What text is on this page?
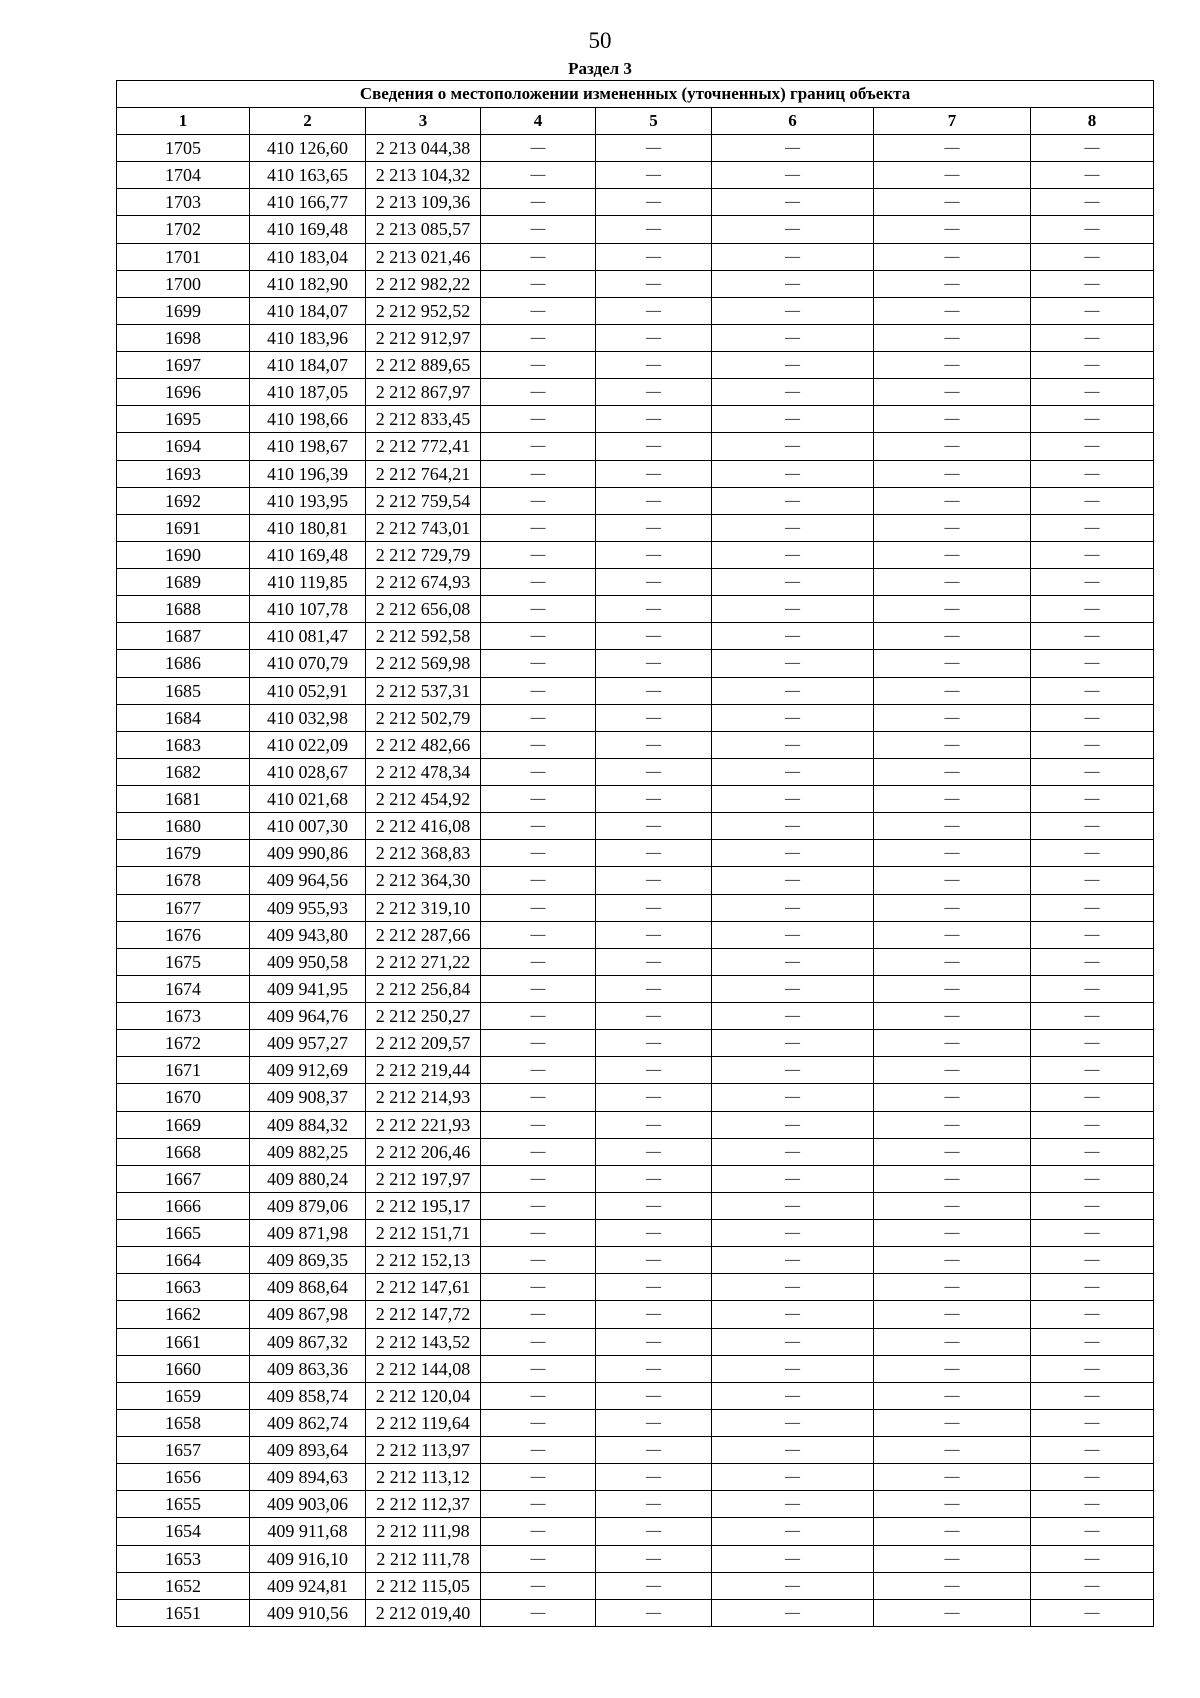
50
Раздел 3
Сведения о местоположении измененных (уточненных) границ объекта							
1	2	3	4	5	6	7	8
1705	410 126,60	2 213 044,38	—	—	—	—	—
1704	410 163,65	2 213 104,32	—	—	—	—	—
1703	410 166,77	2 213 109,36	—	—	—	—	—
1702	410 169,48	2 213 085,57	—	—	—	—	—
1701	410 183,04	2 213 021,46	—	—	—	—	—
1700	410 182,90	2 212 982,22	—	—	—	—	—
1699	410 184,07	2 212 952,52	—	—	—	—	—
1698	410 183,96	2 212 912,97	—	—	—	—	—
1697	410 184,07	2 212 889,65	—	—	—	—	—
1696	410 187,05	2 212 867,97	—	—	—	—	—
1695	410 198,66	2 212 833,45	—	—	—	—	—
1694	410 198,67	2 212 772,41	—	—	—	—	—
1693	410 196,39	2 212 764,21	—	—	—	—	—
1692	410 193,95	2 212 759,54	—	—	—	—	—
1691	410 180,81	2 212 743,01	—	—	—	—	—
1690	410 169,48	2 212 729,79	—	—	—	—	—
1689	410 119,85	2 212 674,93	—	—	—	—	—
1688	410 107,78	2 212 656,08	—	—	—	—	—
1687	410 081,47	2 212 592,58	—	—	—	—	—
1686	410 070,79	2 212 569,98	—	—	—	—	—
1685	410 052,91	2 212 537,31	—	—	—	—	—
1684	410 032,98	2 212 502,79	—	—	—	—	—
1683	410 022,09	2 212 482,66	—	—	—	—	—
1682	410 028,67	2 212 478,34	—	—	—	—	—
1681	410 021,68	2 212 454,92	—	—	—	—	—
1680	410 007,30	2 212 416,08	—	—	—	—	—
1679	409 990,86	2 212 368,83	—	—	—	—	—
1678	409 964,56	2 212 364,30	—	—	—	—	—
1677	409 955,93	2 212 319,10	—	—	—	—	—
1676	409 943,80	2 212 287,66	—	—	—	—	—
1675	409 950,58	2 212 271,22	—	—	—	—	—
1674	409 941,95	2 212 256,84	—	—	—	—	—
1673	409 964,76	2 212 250,27	—	—	—	—	—
1672	409 957,27	2 212 209,57	—	—	—	—	—
1671	409 912,69	2 212 219,44	—	—	—	—	—
1670	409 908,37	2 212 214,93	—	—	—	—	—
1669	409 884,32	2 212 221,93	—	—	—	—	—
1668	409 882,25	2 212 206,46	—	—	—	—	—
1667	409 880,24	2 212 197,97	—	—	—	—	—
1666	409 879,06	2 212 195,17	—	—	—	—	—
1665	409 871,98	2 212 151,71	—	—	—	—	—
1664	409 869,35	2 212 152,13	—	—	—	—	—
1663	409 868,64	2 212 147,61	—	—	—	—	—
1662	409 867,98	2 212 147,72	—	—	—	—	—
1661	409 867,32	2 212 143,52	—	—	—	—	—
1660	409 863,36	2 212 144,08	—	—	—	—	—
1659	409 858,74	2 212 120,04	—	—	—	—	—
1658	409 862,74	2 212 119,64	—	—	—	—	—
1657	409 893,64	2 212 113,97	—	—	—	—	—
1656	409 894,63	2 212 113,12	—	—	—	—	—
1655	409 903,06	2 212 112,37	—	—	—	—	—
1654	409 911,68	2 212 111,98	—	—	—	—	—
1653	409 916,10	2 212 111,78	—	—	—	—	—
1652	409 924,81	2 212 115,05	—	—	—	—	—
1651	409 910,56	2 212 019,40	—	—	—	—	—
